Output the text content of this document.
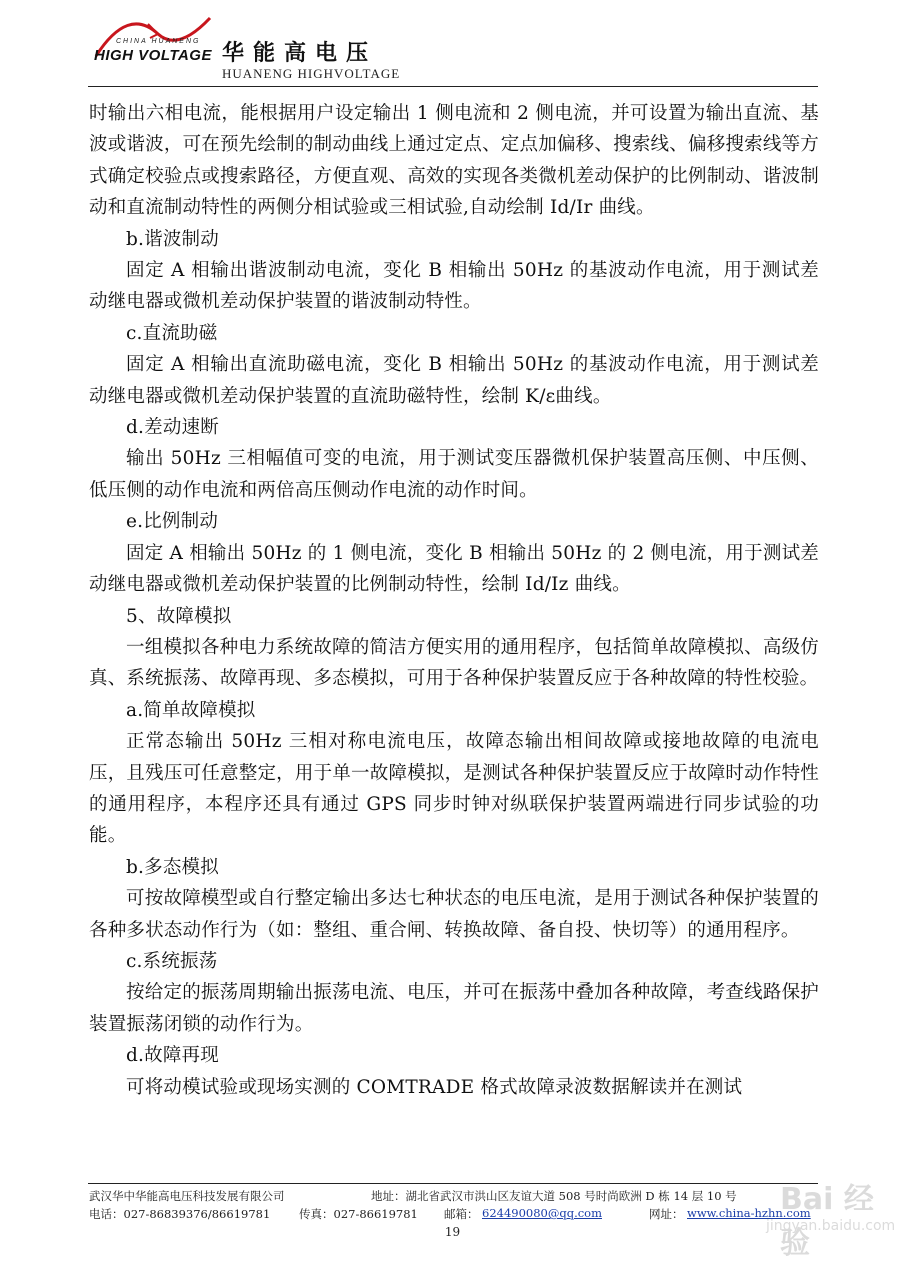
CHINA HUANENG
HIGH VOLTAGE 华能高电压
HUANENG HIGHVOLTAGE

时输出六相电流，能根据用户设定输出 1 侧电流和 2 侧电流，并可设置为输出直流、基波或谐波，可在预先绘制的制动曲线上通过定点、定点加偏移、搜索线、偏移搜索线等方式确定校验点或搜索路径，方便直观、高效的实现各类微机差动保护的比例制动、谐波制动和直流制动特性的两侧分相试验或三相试验,自动绘制 Id/Ir 曲线。

b.谐波制动

固定 A 相输出谐波制动电流，变化 B 相输出 50Hz 的基波动作电流，用于测试差动继电器或微机差动保护装置的谐波制动特性。

c.直流助磁

固定 A 相输出直流助磁电流，变化 B 相输出 50Hz 的基波动作电流，用于测试差动继电器或微机差动保护装置的直流助磁特性，绘制 K/ε曲线。

d.差动速断

输出 50Hz 三相幅值可变的电流，用于测试变压器微机保护装置高压侧、中压侧、低压侧的动作电流和两倍高压侧动作电流的动作时间。

e.比例制动

固定 A 相输出 50Hz 的 1 侧电流，变化 B 相输出 50Hz 的 2 侧电流，用于测试差动继电器或微机差动保护装置的比例制动特性，绘制 Id/Iz 曲线。

5、故障模拟

一组模拟各种电力系统故障的简洁方便实用的通用程序，包括简单故障模拟、高级仿真、系统振荡、故障再现、多态模拟，可用于各种保护装置反应于各种故障的特性校验。

a.简单故障模拟

正常态输出 50Hz 三相对称电流电压，故障态输出相间故障或接地故障的电流电压，且残压可任意整定，用于单一故障模拟，是测试各种保护装置反应于故障时动作特性的通用程序，本程序还具有通过 GPS 同步时钟对纵联保护装置两端进行同步试验的功能。

b.多态模拟

可按故障模型或自行整定输出多达七种状态的电压电流，是用于测试各种保护装置的各种多状态动作行为（如：整组、重合闸、转换故障、备自投、快切等）的通用程序。

c.系统振荡

按给定的振荡周期输出振荡电流、电压，并可在振荡中叠加各种故障，考查线路保护装置振荡闭锁的动作行为。

d.故障再现

可将动模试验或现场实测的 COMTRADE 格式故障录波数据解读并在测试

武汉华中华能高电压科技发展有限公司	地址：湖北省武汉市洪山区友谊大道 508 号时尚欧洲 D 栋 14 层 10 号
电话：027-86839376/86619781 传真：027-86619781 邮箱： 624490080@qq.com	网址： www.china-hzhn.com
19
Bai 经验
jingyan.baidu.com
